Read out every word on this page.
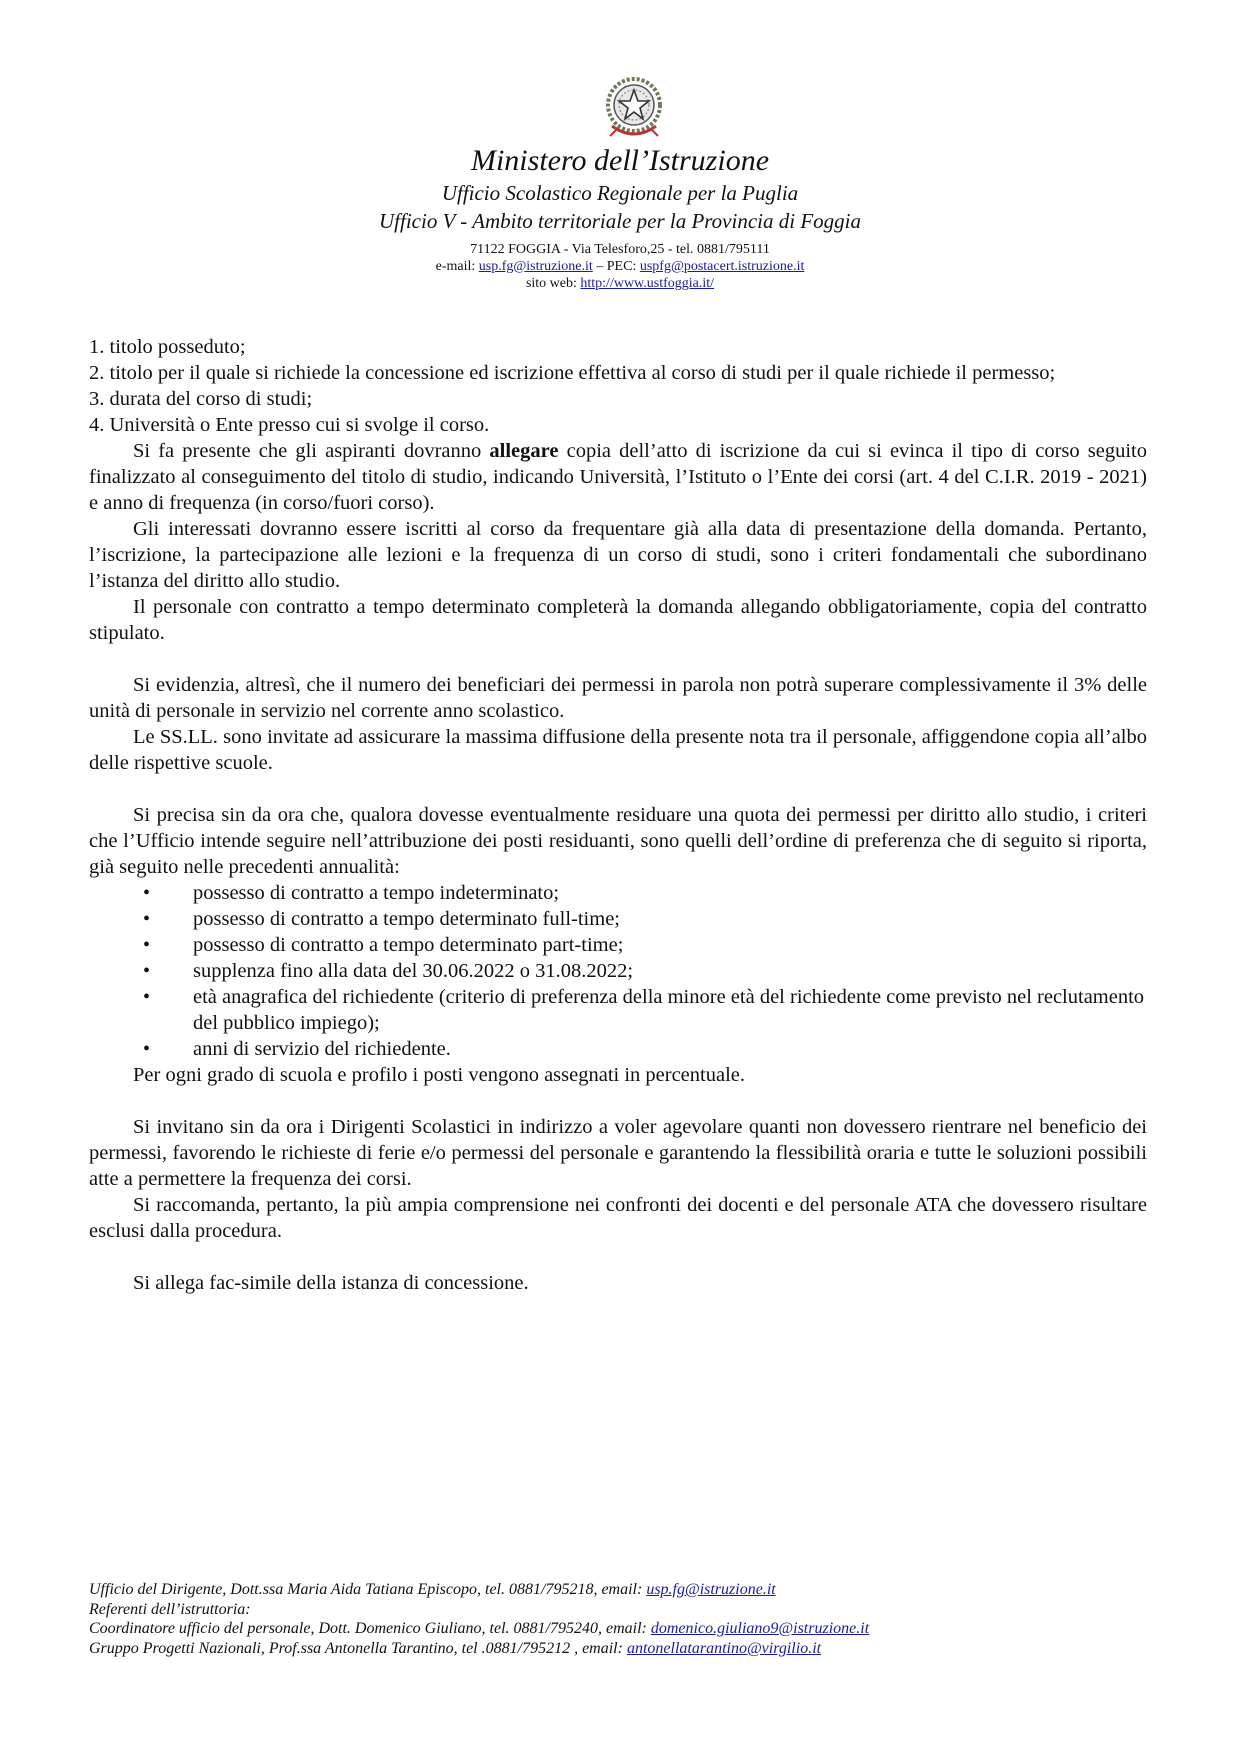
Ministero dell’Istruzione

Ufficio Scolastico Regionale per la Puglia

Ufficio V - Ambito territoriale per la Provincia di Foggia

71122 FOGGIA - Via Telesforo,25 - tel. 0881/795111

e-mail: usp.fg@istruzione.it – PEC: uspfg@postacert.istruzione.it

sito web: http://www.ustfoggia.it/

1. titolo posseduto;

2. titolo per il quale si richiede la concessione ed iscrizione effettiva al corso di studi per il quale richiede il permesso;

3. durata del corso di studi;

4. Università o Ente presso cui si svolge il corso.

Si fa presente che gli aspiranti dovranno allegare copia dell’atto di iscrizione da cui si evinca il tipo di corso seguito finalizzato al conseguimento del titolo di studio, indicando Università, l’Istituto o l’Ente dei corsi (art. 4 del C.I.R. 2019 - 2021) e anno di frequenza (in corso/fuori corso).

Gli interessati dovranno essere iscritti al corso da frequentare già alla data di presentazione della domanda. Pertanto, l’iscrizione, la partecipazione alle lezioni e la frequenza di un corso di studi, sono i criteri fondamentali che subordinano l’istanza del diritto allo studio.

Il personale con contratto a tempo determinato completerà la domanda allegando obbligatoriamente, copia del contratto stipulato.

Si evidenzia, altresì, che il numero dei beneficiari dei permessi in parola non potrà superare complessivamente il 3% delle unità di personale in servizio nel corrente anno scolastico.

Le SS.LL. sono invitate ad assicurare la massima diffusione della presente nota tra il personale, affiggendone copia all’albo delle rispettive scuole.

Si precisa sin da ora che, qualora dovesse eventualmente residuare una quota dei permessi per diritto allo studio, i criteri che l’Ufficio intende seguire nell’attribuzione dei posti residuanti, sono quelli dell’ordine di preferenza che di seguito si riporta, già seguito nelle precedenti annualità:

• possesso di contratto a tempo indeterminato;
• possesso di contratto a tempo determinato full-time;
• possesso di contratto a tempo determinato part-time;
• supplenza fino alla data del 30.06.2022 o 31.08.2022;
• età anagrafica del richiedente (criterio di preferenza della minore età del richiedente come previsto nel reclutamento del pubblico impiego);
• anni di servizio del richiedente.

Per ogni grado di scuola e profilo i posti vengono assegnati in percentuale.

Si invitano sin da ora i Dirigenti Scolastici in indirizzo a voler agevolare quanti non dovessero rientrare nel beneficio dei permessi, favorendo le richieste di ferie e/o permessi del personale e garantendo la flessibilità oraria e tutte le soluzioni possibili atte a permettere la frequenza dei corsi.

Si raccomanda, pertanto, la più ampia comprensione nei confronti dei docenti e del personale ATA che dovessero risultare esclusi dalla procedura.

Si allega fac-simile della istanza di concessione.

Ufficio del Dirigente, Dott.ssa Maria Aida Tatiana Episcopo, tel. 0881/795218, email: usp.fg@istruzione.it

Referenti dell’istruttoria:

Coordinatore ufficio del personale, Dott. Domenico Giuliano, tel. 0881/795240, email: domenico.giuliano9@istruzione.it

Gruppo Progetti Nazionali, Prof.ssa Antonella Tarantino, tel .0881/795212 , email: antonellatarantino@virgilio.it
